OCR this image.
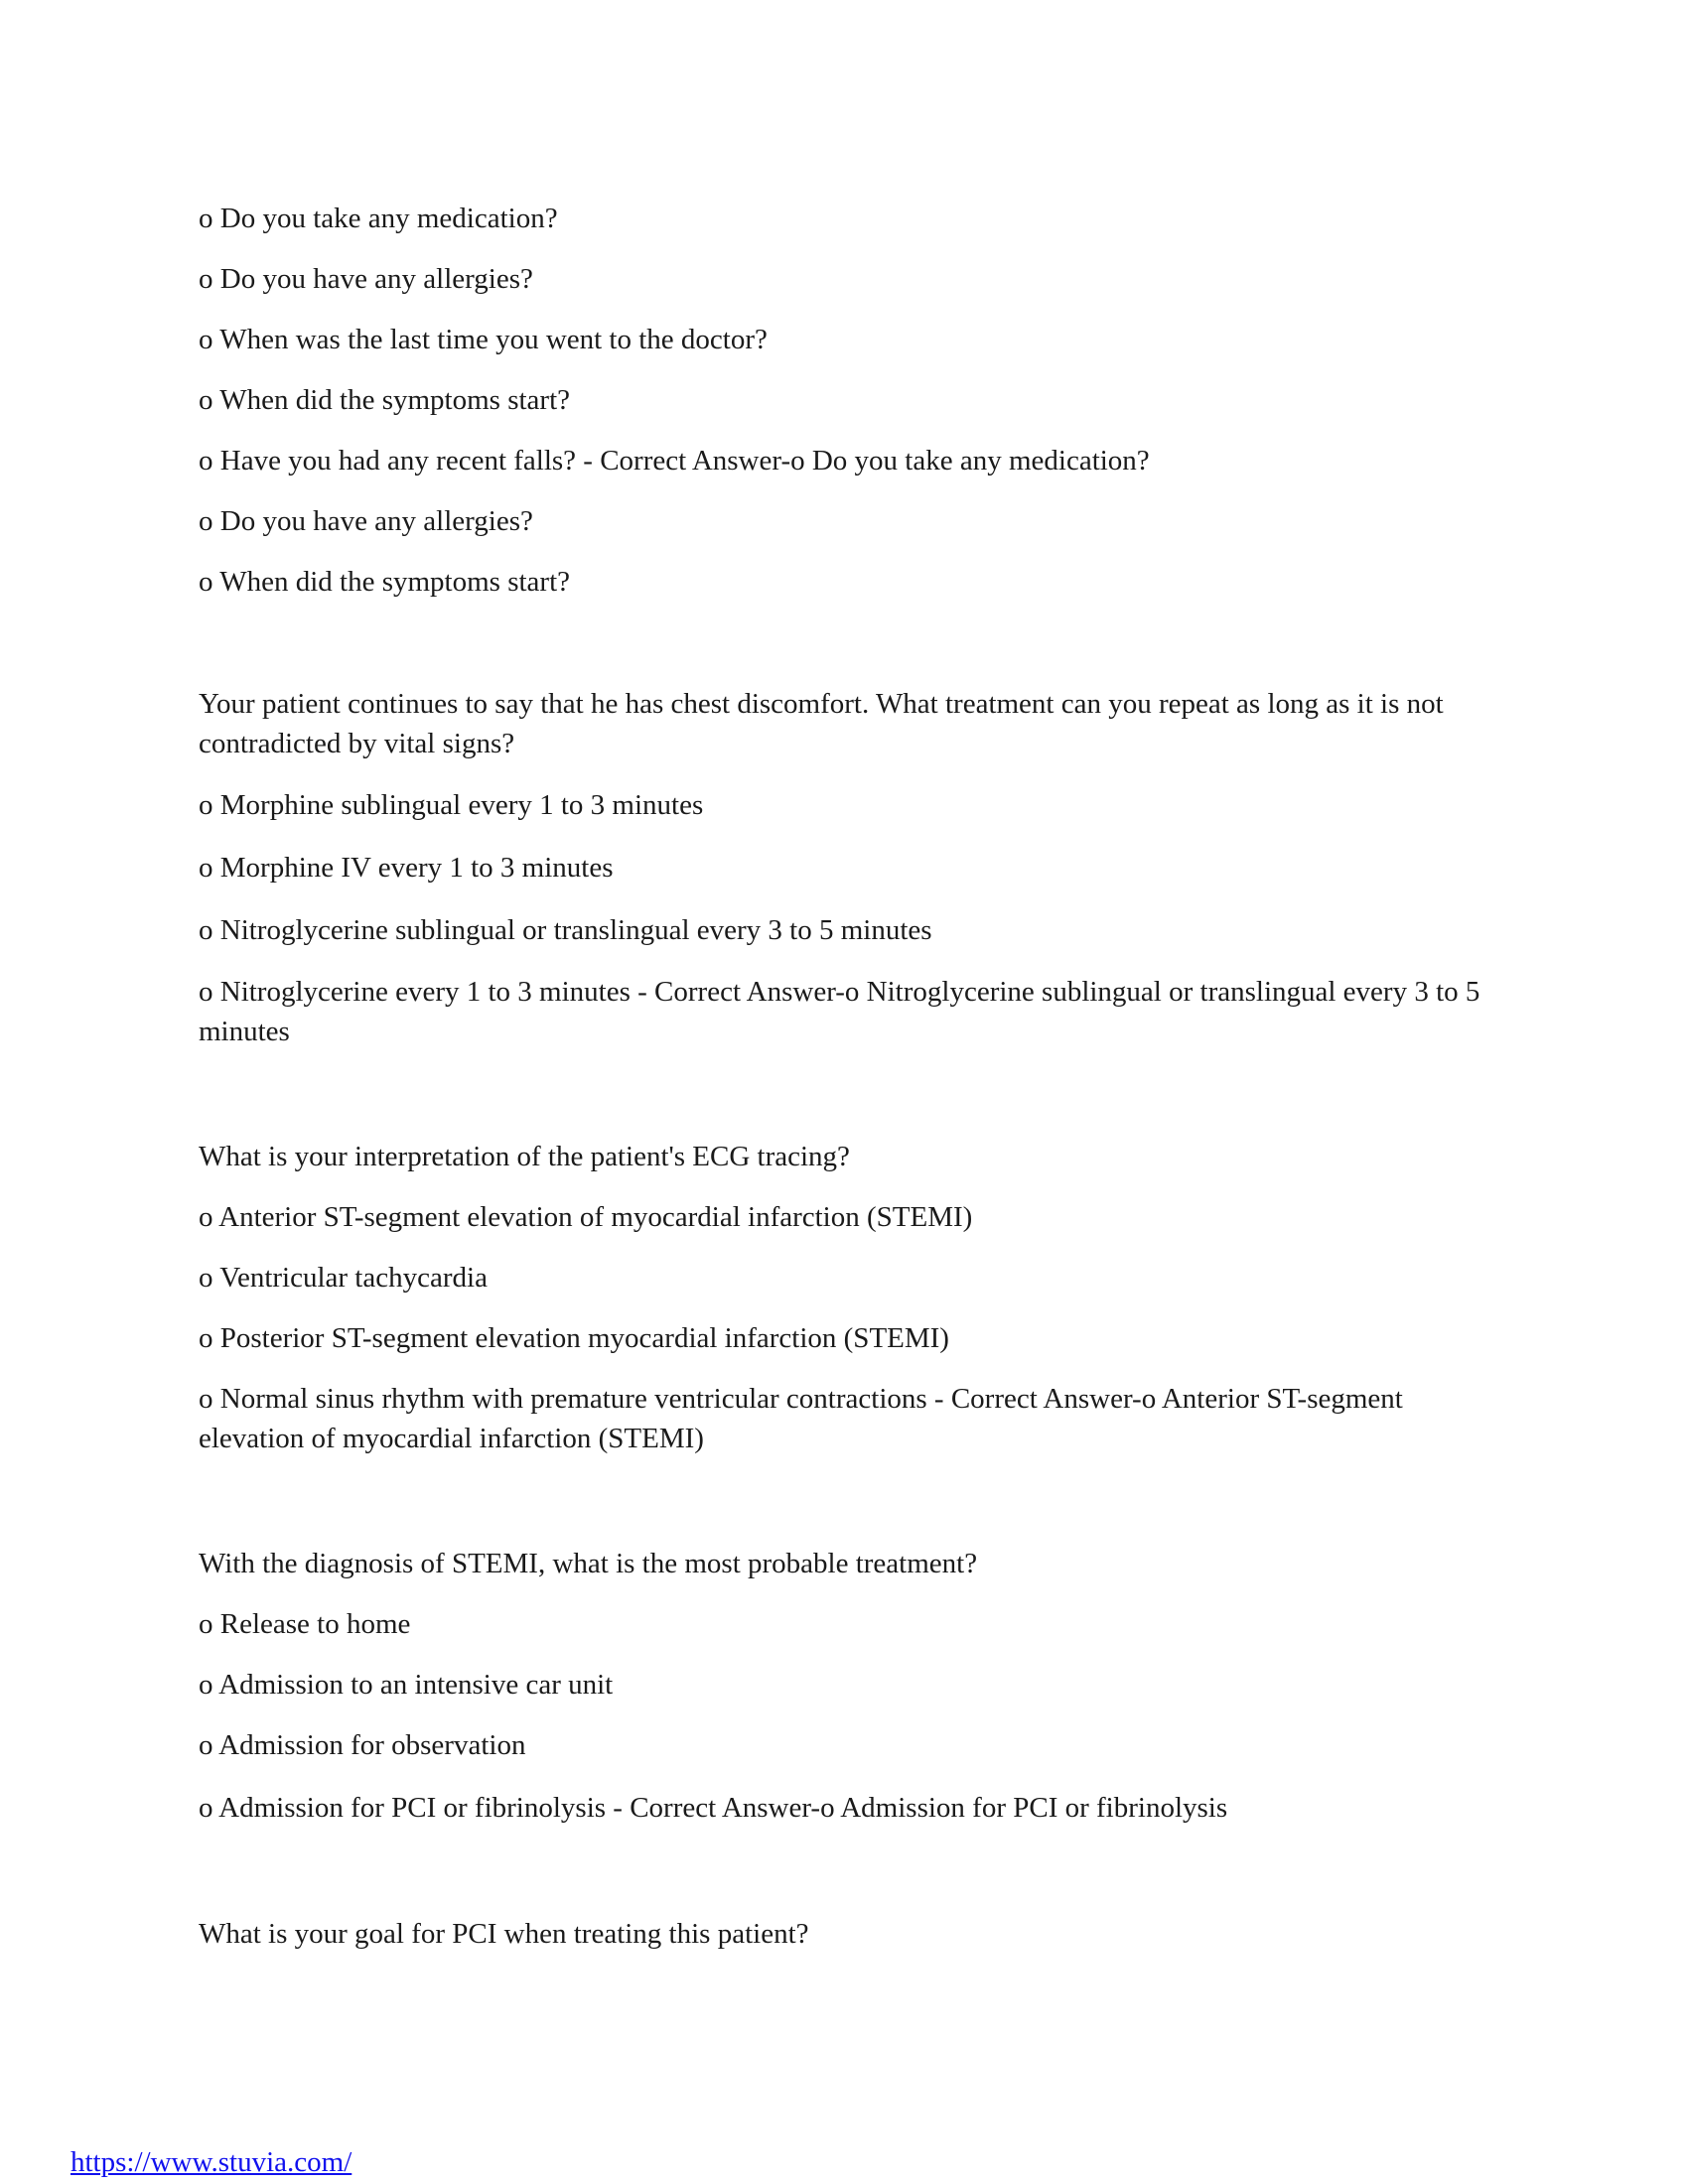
o Do you take any medication?

o Do you have any allergies?

o When was the last time you went to the doctor?

o When did the symptoms start?

o Have you had any recent falls? - Correct Answer-o Do you take any medication?

o Do you have any allergies?

o When did the symptoms start?

Your patient continues to say that he has chest discomfort. What treatment can you repeat as long as it is not contradicted by vital signs?

o Morphine sublingual every 1 to 3 minutes

o Morphine IV every 1 to 3 minutes

o Nitroglycerine sublingual or translingual every 3 to 5 minutes

o Nitroglycerine every 1 to 3 minutes - Correct Answer-o Nitroglycerine sublingual or translingual every 3 to 5 minutes

What is your interpretation of the patient's ECG tracing?

o Anterior ST-segment elevation of myocardial infarction (STEMI)

o Ventricular tachycardia

o Posterior ST-segment elevation myocardial infarction (STEMI)

o Normal sinus rhythm with premature ventricular contractions - Correct Answer-o Anterior ST-segment elevation of myocardial infarction (STEMI)

With the diagnosis of STEMI, what is the most probable treatment?

o Release to home

o Admission to an intensive car unit

o Admission for observation

o Admission for PCI or fibrinolysis - Correct Answer-o Admission for PCI or fibrinolysis

What is your goal for PCI when treating this patient?

https://www.stuvia.com/
